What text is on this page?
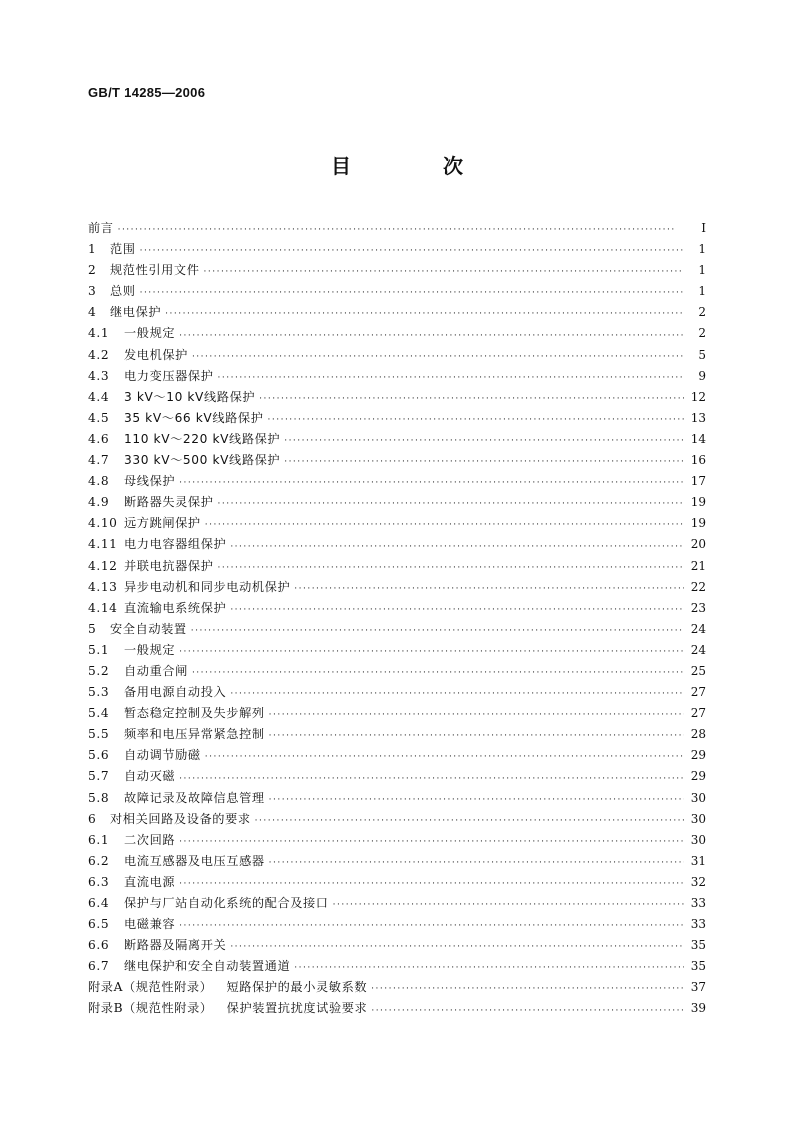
GB/T 14285—2006
目　次
前言 ·····	I
1 范围 ·····	1
2 规范性引用文件 ·····	1
3 总则 ·····	1
4 继电保护 ·····	2
4.1 一般规定 ·····	2
4.2 发电机保护 ·····	5
4.3 电力变压器保护 ·····	9
4.4 3 kV～10 kV线路保护 ·····	12
4.5 35 kV～66 kV线路保护 ·····	13
4.6 110 kV～220 kV线路保护 ·····	14
4.7 330 kV～500 kV线路保护 ·····	16
4.8 母线保护 ·····	17
4.9 断路器失灵保护 ·····	19
4.10 远方跳闸保护 ·····	19
4.11 电力电容器组保护 ·····	20
4.12 并联电抗器保护 ·····	21
4.13 异步电动机和同步电动机保护 ·····	22
4.14 直流输电系统保护 ·····	23
5 安全自动装置 ·····	24
5.1 一般规定 ·····	24
5.2 自动重合闸 ·····	25
5.3 备用电源自动投入 ·····	27
5.4 暂态稳定控制及失步解列 ·····	27
5.5 频率和电压异常紧急控制 ·····	28
5.6 自动调节励磁 ·····	29
5.7 自动灭磁 ·····	29
5.8 故障记录及故障信息管理 ·····	30
6 对相关回路及设备的要求 ·····	30
6.1 二次回路 ·····	30
6.2 电流互感器及电压互感器 ·····	31
6.3 直流电源 ·····	32
6.4 保护与厂站自动化系统的配合及接口 ·····	33
6.5 电磁兼容 ·····	33
6.6 断路器及隔离开关 ·····	35
6.7 继电保护和安全自动装置通道 ·····	35
附录A（规范性附录） 短路保护的最小灵敏系数 ·····	37
附录B（规范性附录） 保护装置抗扰度试验要求 ·····	39
